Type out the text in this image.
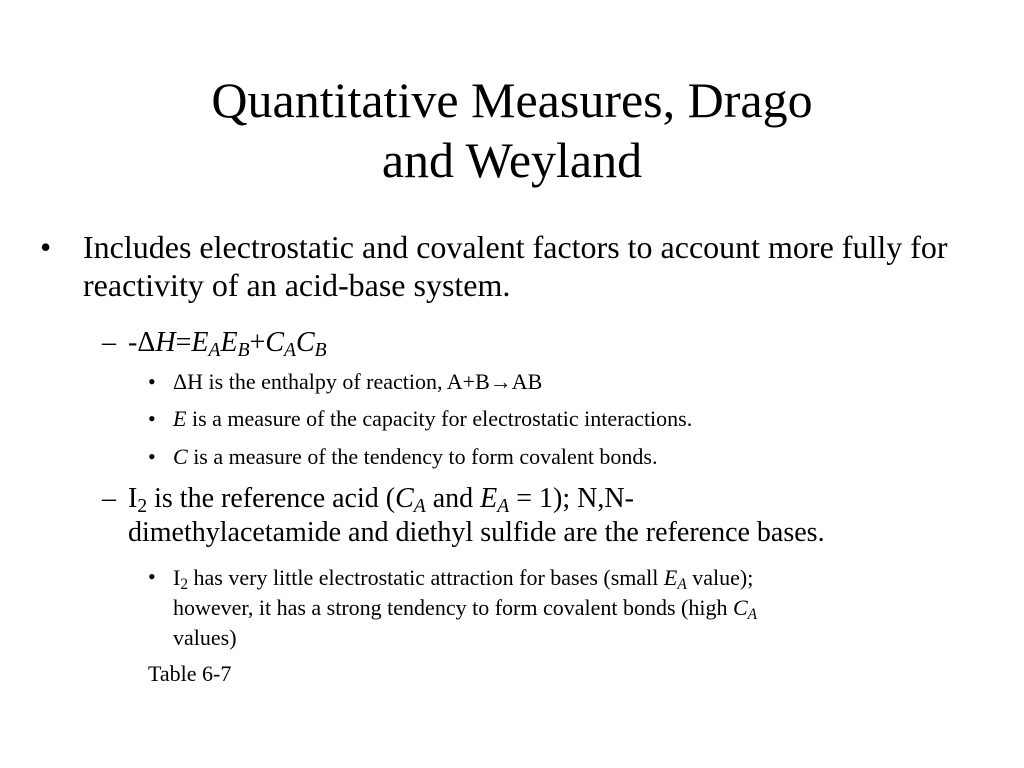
Quantitative Measures, Drago
and Weyland
• Includes electrostatic and covalent factors to account more fully for reactivity of an acid-base system.
– $-\Delta H=E_AE_B+C_AC_B$
• ΔH is the enthalpy of reaction, A+B→AB
• E is a measure of the capacity for electrostatic interactions.
• C is a measure of the tendency to form covalent bonds.
– $I_2$ is the reference acid ($C_A$ and $E_A = 1$); N,N-
dimethylacetamide and diethyl sulfide are the reference bases.
• $I_2$ has very little electrostatic attraction for bases (small $E_A$ value);
however, it has a strong tendency to form covalent bonds (high $C_A$
values)
Table 6-7
